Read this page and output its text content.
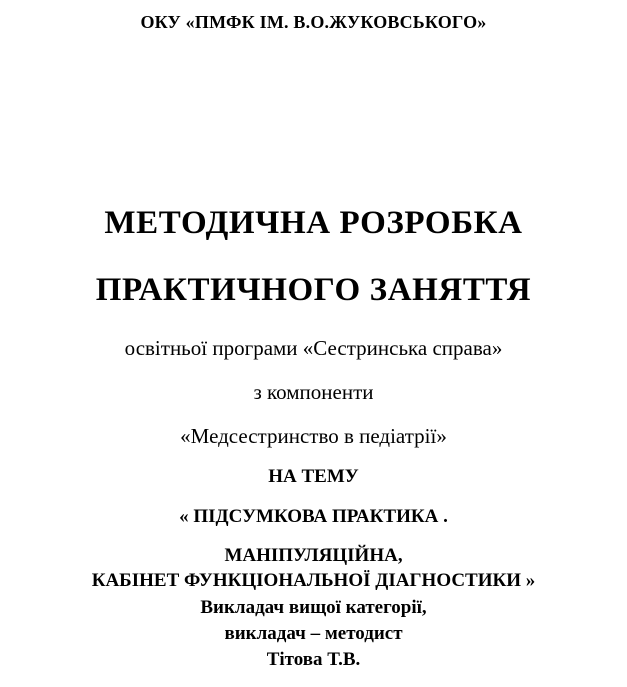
ОКУ «ПМФК ІМ. В.О.ЖУКОВСЬКОГО»
МЕТОДИЧНА РОЗРОБКА
ПРАКТИЧНОГО ЗАНЯТТЯ
освітньої програми «Сестринська справа»
з компоненти
«Медсестринство в педіатрії»
НА ТЕМУ
« ПІДСУМКОВА ПРАКТИКА .
МАНІПУЛЯЦІЙНА,
КАБІНЕТ ФУНКЦІОНАЛЬНОЇ ДІАГНОСТИКИ »
Викладач вищої категорії,
викладач – методист
Тітова Т.В.
